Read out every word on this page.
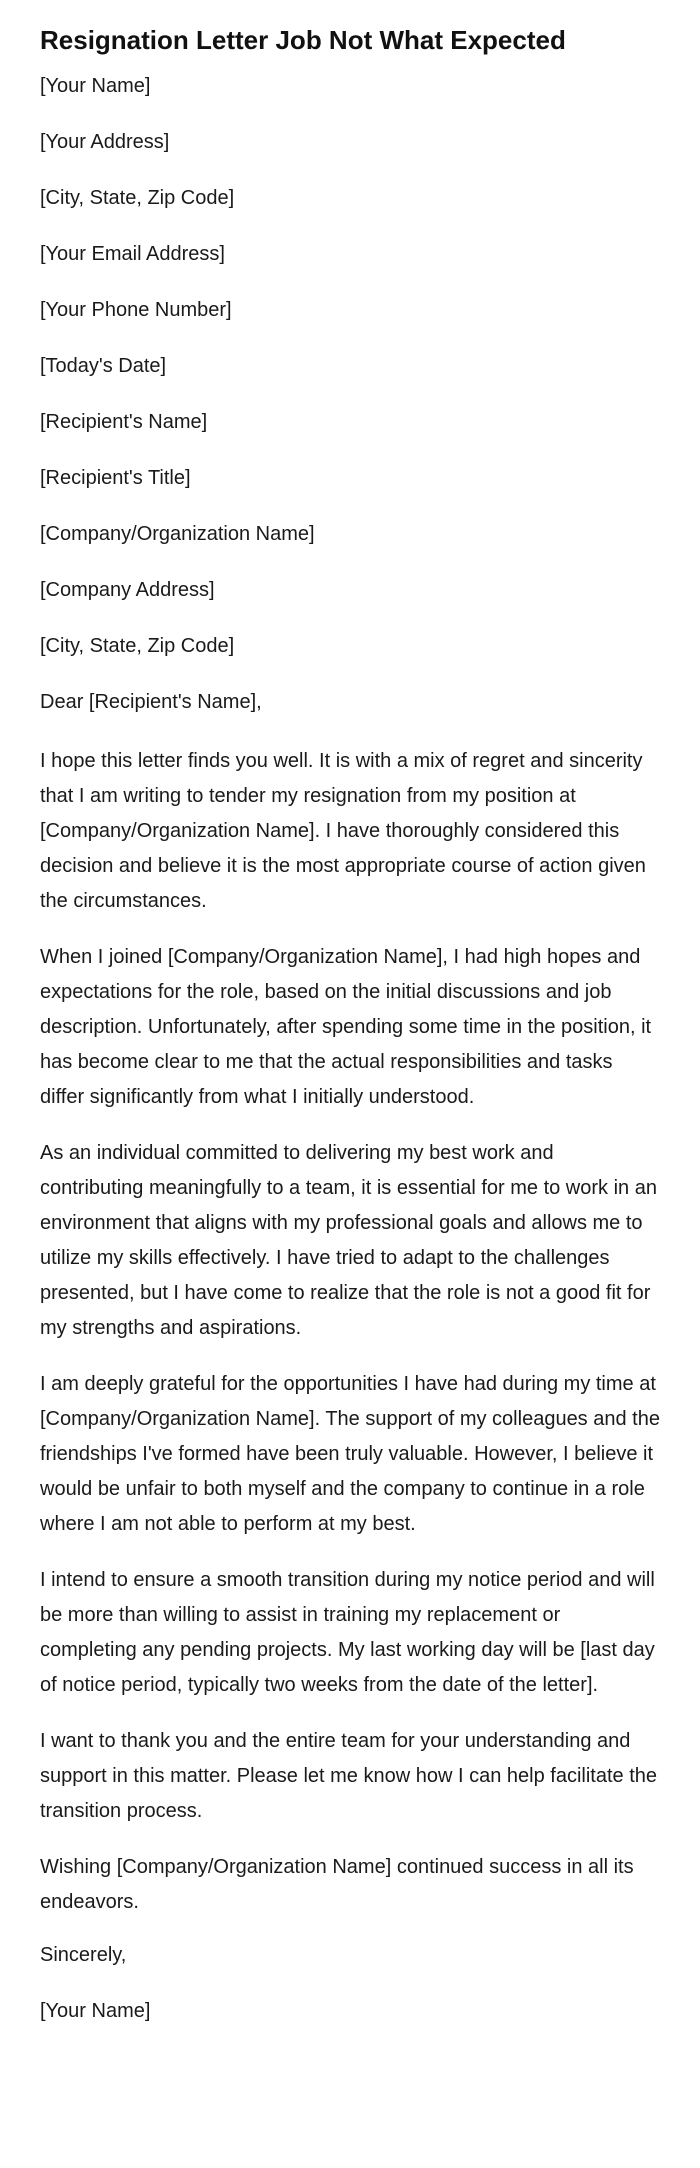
Resignation Letter Job Not What Expected
[Your Name]
[Your Address]
[City, State, Zip Code]
[Your Email Address]
[Your Phone Number]
[Today's Date]
[Recipient's Name]
[Recipient's Title]
[Company/Organization Name]
[Company Address]
[City, State, Zip Code]
Dear [Recipient's Name],

I hope this letter finds you well. It is with a mix of regret and sincerity that I am writing to tender my resignation from my position at [Company/Organization Name]. I have thoroughly considered this decision and believe it is the most appropriate course of action given the circumstances.

When I joined [Company/Organization Name], I had high hopes and expectations for the role, based on the initial discussions and job description. Unfortunately, after spending some time in the position, it has become clear to me that the actual responsibilities and tasks differ significantly from what I initially understood.

As an individual committed to delivering my best work and contributing meaningfully to a team, it is essential for me to work in an environment that aligns with my professional goals and allows me to utilize my skills effectively. I have tried to adapt to the challenges presented, but I have come to realize that the role is not a good fit for my strengths and aspirations.

I am deeply grateful for the opportunities I have had during my time at [Company/Organization Name]. The support of my colleagues and the friendships I've formed have been truly valuable. However, I believe it would be unfair to both myself and the company to continue in a role where I am not able to perform at my best.

I intend to ensure a smooth transition during my notice period and will be more than willing to assist in training my replacement or completing any pending projects. My last working day will be [last day of notice period, typically two weeks from the date of the letter].

I want to thank you and the entire team for your understanding and support in this matter. Please let me know how I can help facilitate the transition process.

Wishing [Company/Organization Name] continued success in all its endeavors.

Sincerely,
[Your Name]
